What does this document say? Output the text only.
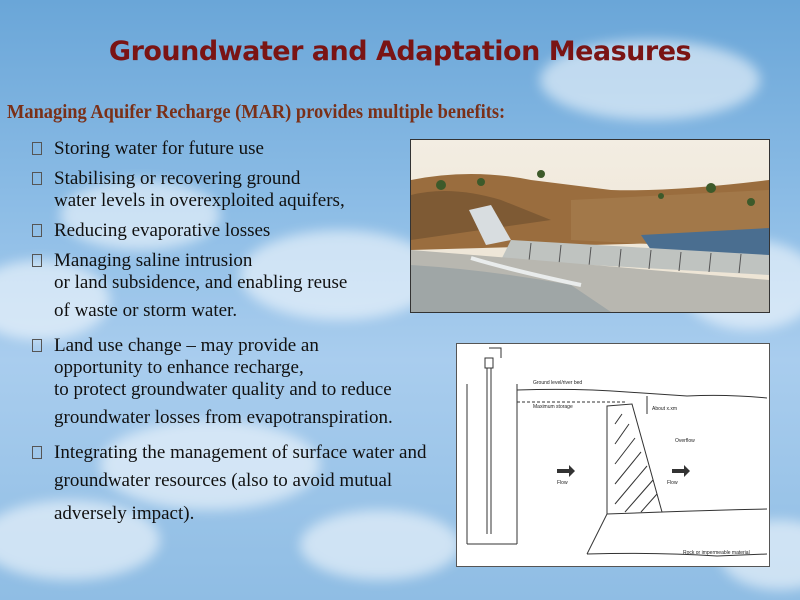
Groundwater and Adaptation Measures
Managing Aquifer Recharge (MAR) provides multiple benefits:
Storing water for future use
Stabilising or recovering ground
water levels in overexploited aquifers,
Reducing evaporative losses
Managing saline intrusion
or land subsidence, and enabling reuse
of waste or storm water.
Land use change – may provide an
opportunity to enhance recharge,
to protect groundwater quality and to reduce
groundwater losses from evapotranspiration.
Integrating the management of surface water and
groundwater resources (also to avoid mutual
adversely impact).
Ground level/river bed
Maximum storage	About x.xm
Overflow
Flow	Flow
Rock or impermeable material
